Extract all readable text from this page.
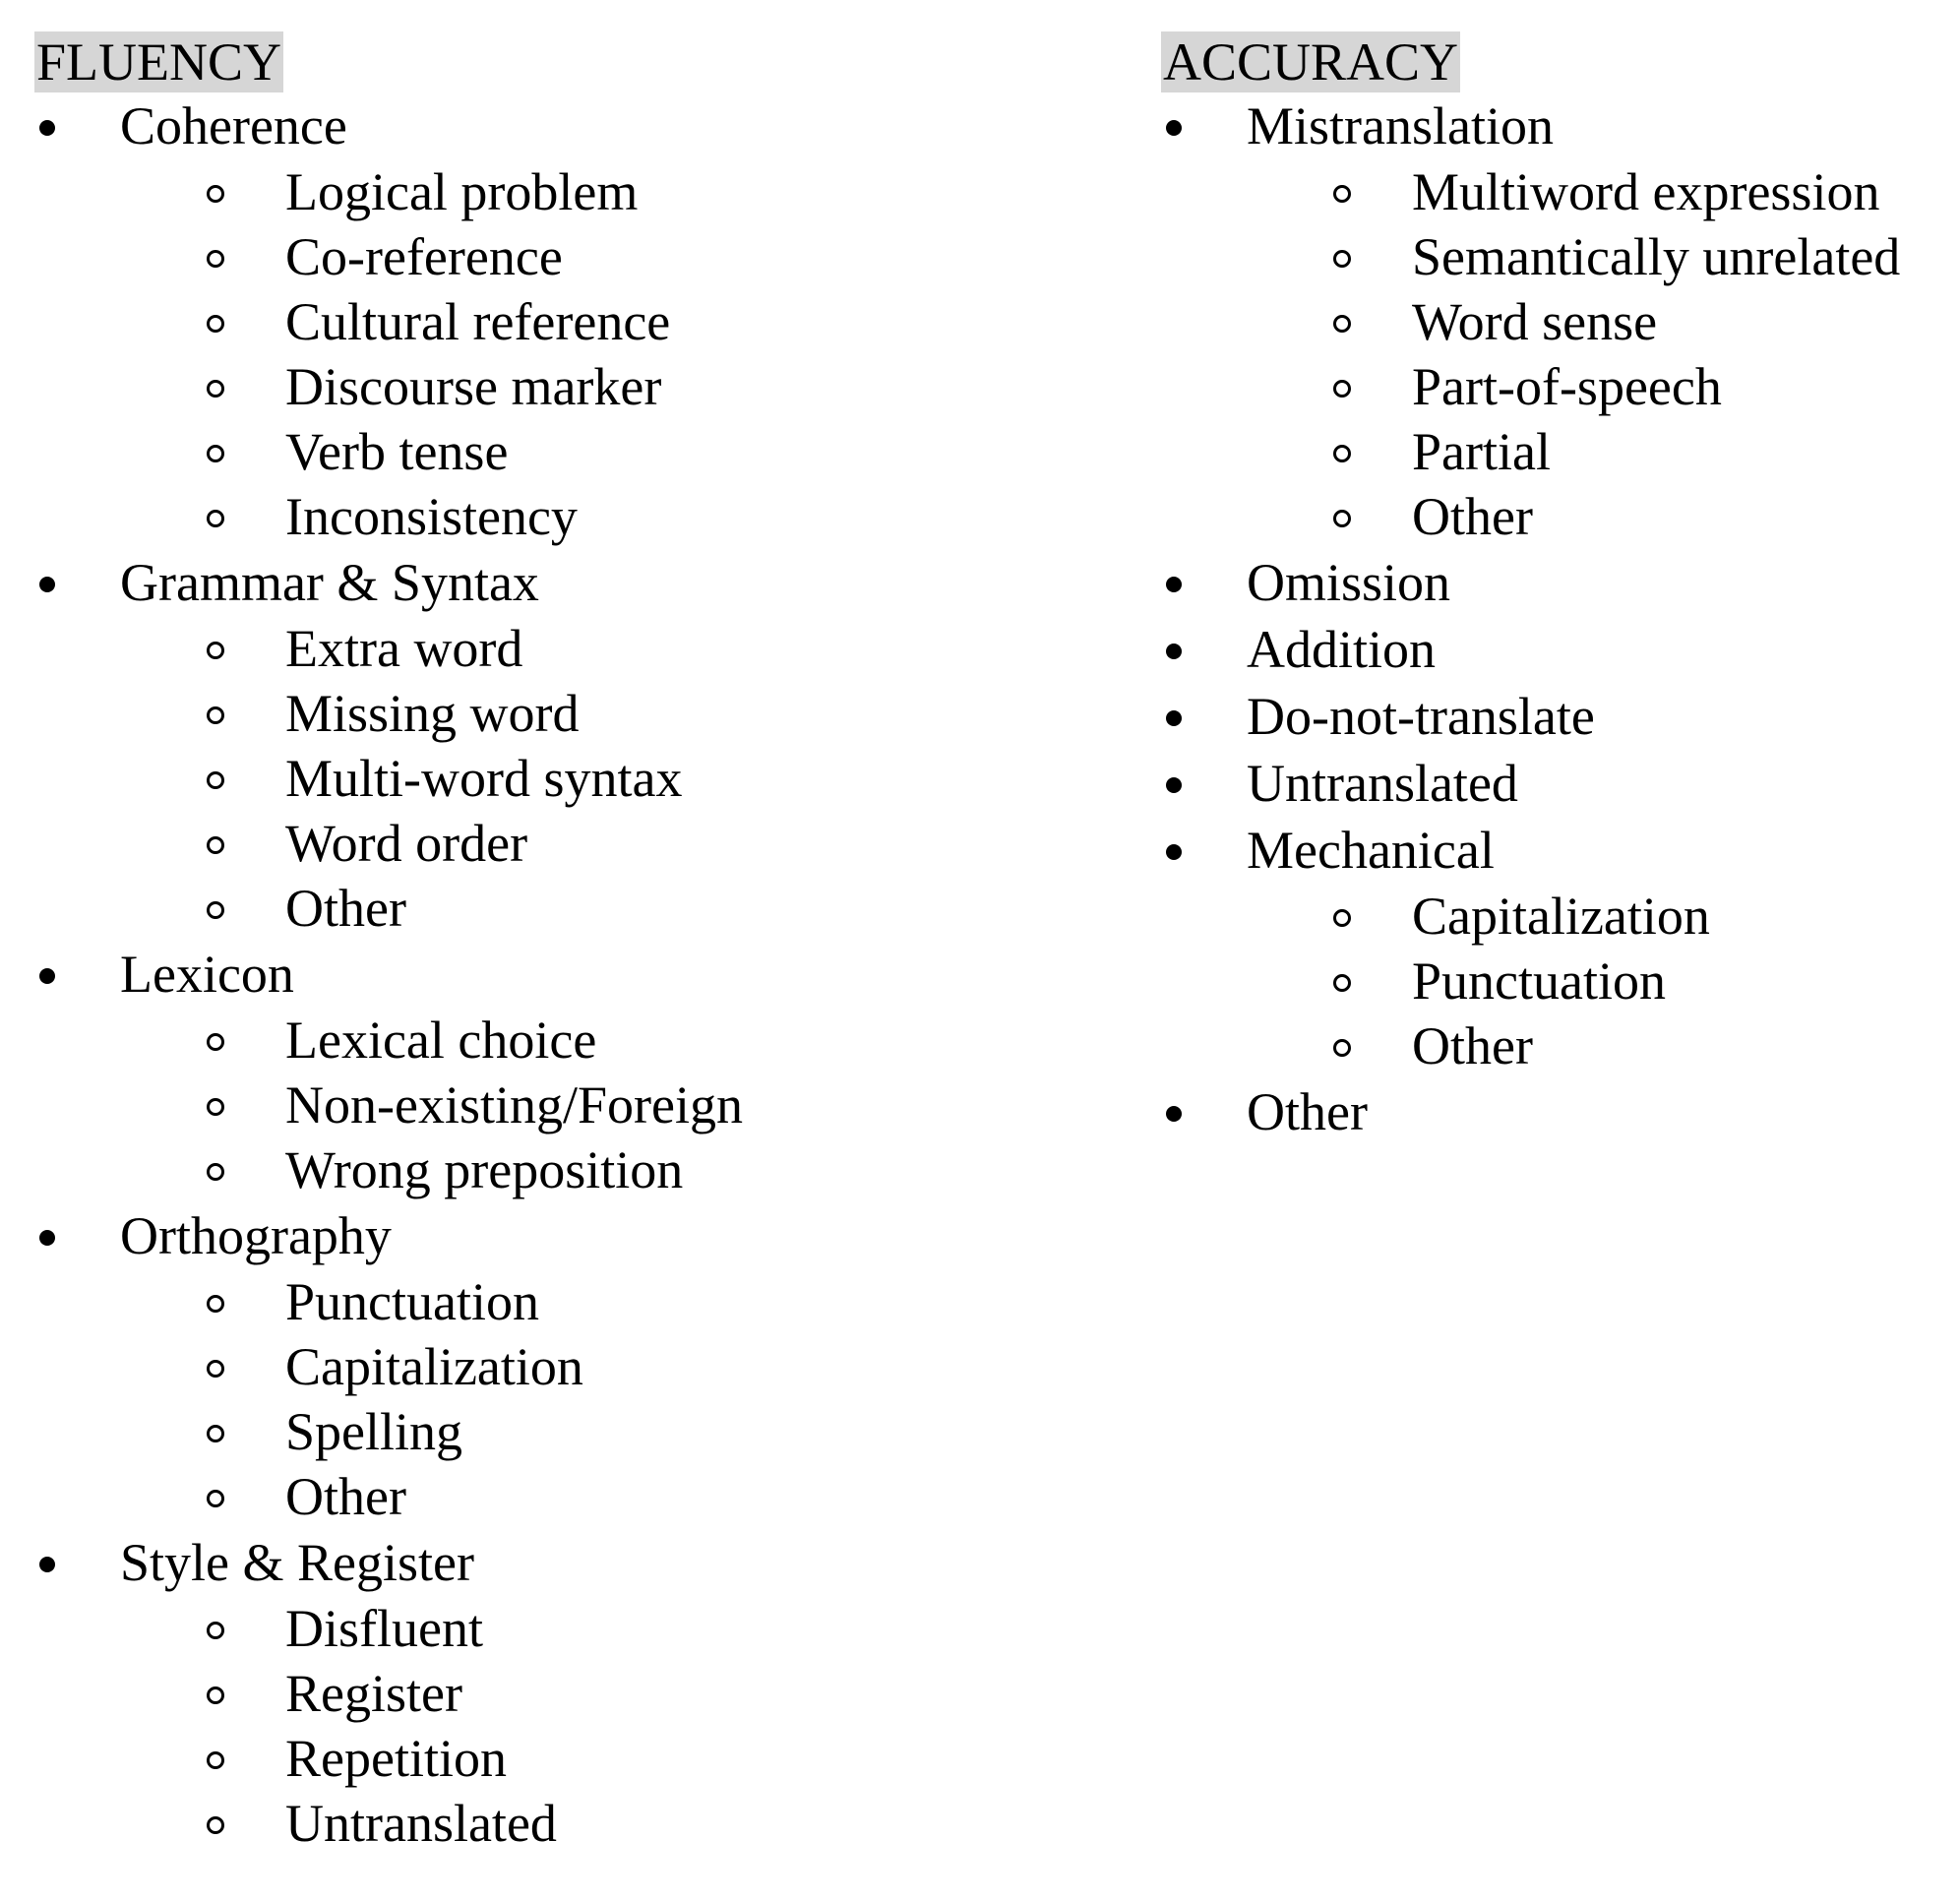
FLUENCY
Coherence
Logical problem
Co-reference
Cultural reference
Discourse marker
Verb tense
Inconsistency
Grammar & Syntax
Extra word
Missing word
Multi-word syntax
Word order
Other
Lexicon
Lexical choice
Non-existing/Foreign
Wrong preposition
Orthography
Punctuation
Capitalization
Spelling
Other
Style & Register
Disfluent
Register
Repetition
Untranslated
ACCURACY
Mistranslation
Multiword expression
Semantically unrelated
Word sense
Part-of-speech
Partial
Other
Omission
Addition
Do-not-translate
Untranslated
Mechanical
Capitalization
Punctuation
Other
Other
